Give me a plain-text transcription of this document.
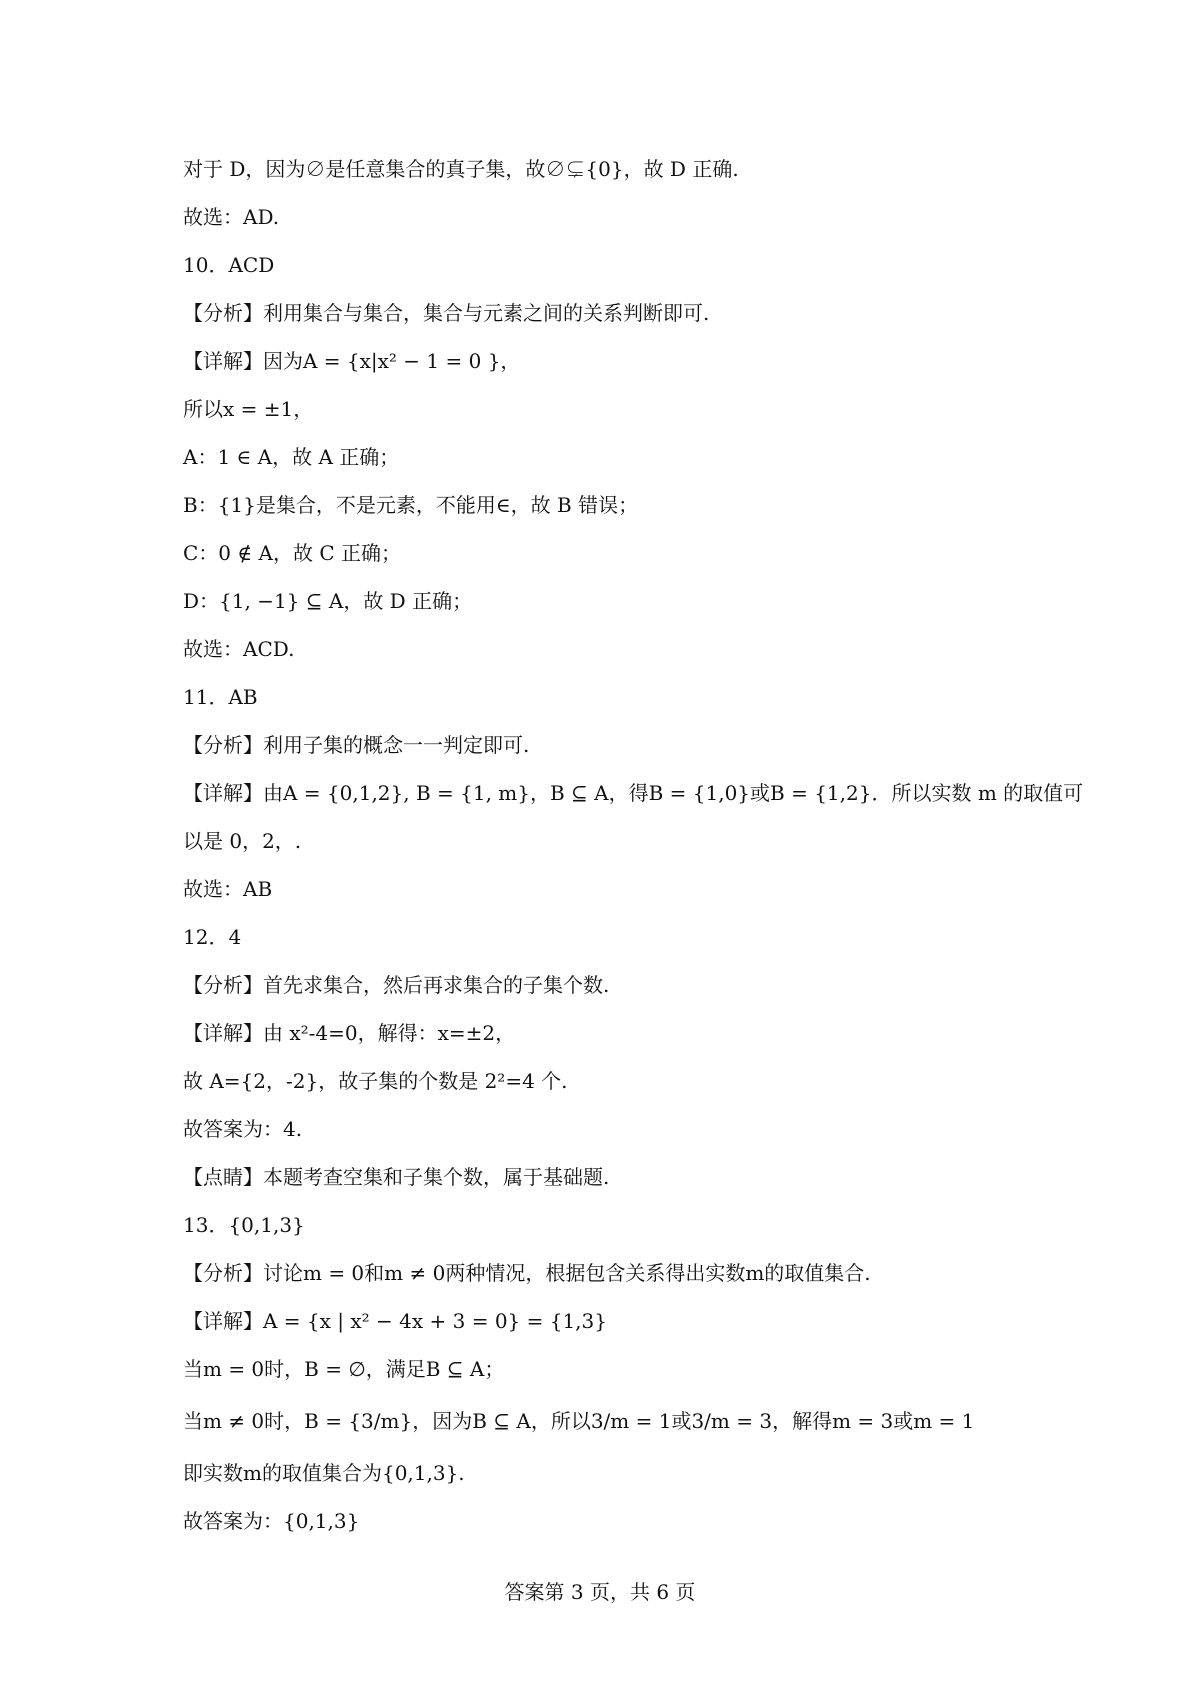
对于 D，因为∅是任意集合的真子集，故∅⊊{0}，故 D 正确.
故选：AD.
10．ACD
【分析】利用集合与集合，集合与元素之间的关系判断即可.
【详解】因为A = {x|x² − 1 = 0 }，
所以x = ±1，
A：1 ∈ A，故 A 正确；
B：{1}是集合，不是元素，不能用∈，故 B 错误；
C：0 ∉ A，故 C 正确；
D：{1, −1} ⊆ A，故 D 正确；
故选：ACD.
11．AB
【分析】利用子集的概念一一判定即可.
【详解】由A = {0,1,2}, B = {1, m}，B ⊆ A，得B = {1,0}或B = {1,2}．所以实数 m 的取值可
以是 0，2，.
故选：AB
12．4
【分析】首先求集合，然后再求集合的子集个数.
【详解】由 x²-4=0，解得：x=±2，
故 A={2，-2}，故子集的个数是 2²=4 个.
故答案为：4.
【点睛】本题考查空集和子集个数，属于基础题.
13．{0,1,3}
【分析】讨论m = 0和m ≠ 0两种情况，根据包含关系得出实数m的取值集合.
【详解】A = {x | x² − 4x + 3 = 0} = {1,3}
当m = 0时，B = ∅，满足B ⊆ A；
当m ≠ 0时，B = {3/m}，因为B ⊆ A，所以3/m = 1或3/m = 3，解得m = 3或m = 1
即实数m的取值集合为{0,1,3}.
故答案为：{0,1,3}
答案第 3 页，共 6 页
